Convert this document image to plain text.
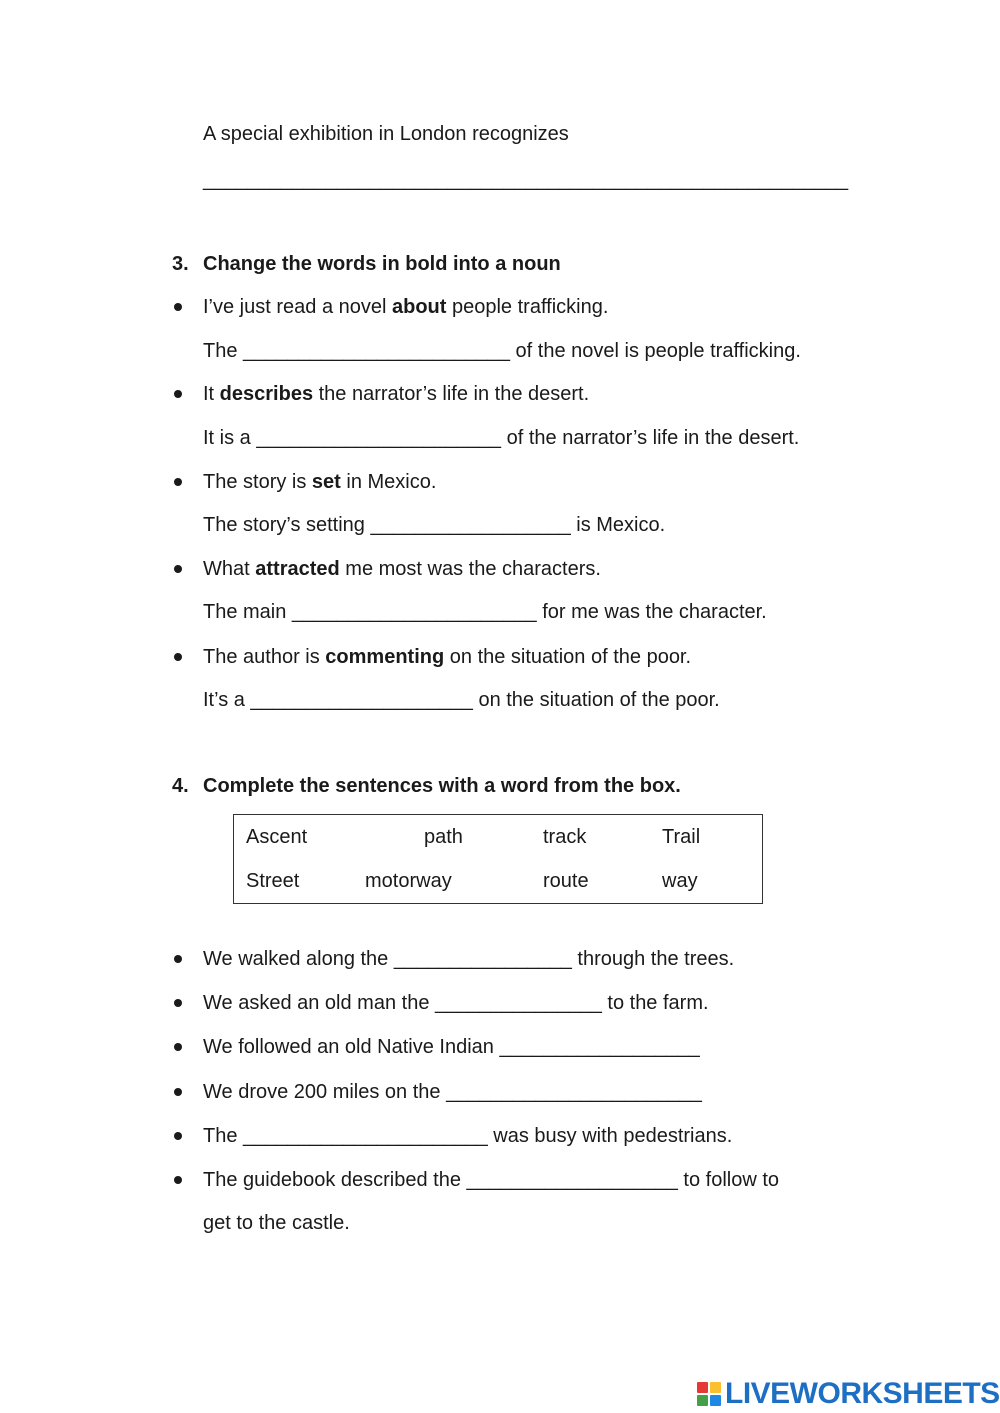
A special exhibition in London recognizes
__________________________________________________________
3. Change the words in bold into a noun
I’ve just read a novel about people trafficking.
The ________________________ of the novel is people trafficking.
It describes the narrator’s life in the desert.
It is a ______________________ of the narrator’s life in the desert.
The story is set in Mexico.
The story’s setting __________________ is Mexico.
What attracted me most was the characters.
The main ______________________ for me was the character.
The author is commenting on the situation of the poor.
It’s a ____________________ on the situation of the poor.
4. Complete the sentences with a word from the box.
Ascent	path	track	Trail
Street	motorway	route	way
We walked along the ________________ through the trees.
We asked an old man the _______________ to the farm.
We followed an old Native Indian __________________
We drove 200 miles on the _______________________
The ______________________ was busy with pedestrians.
The guidebook described the ___________________ to follow to
get to the castle.
LIVEWORKSHEETS
